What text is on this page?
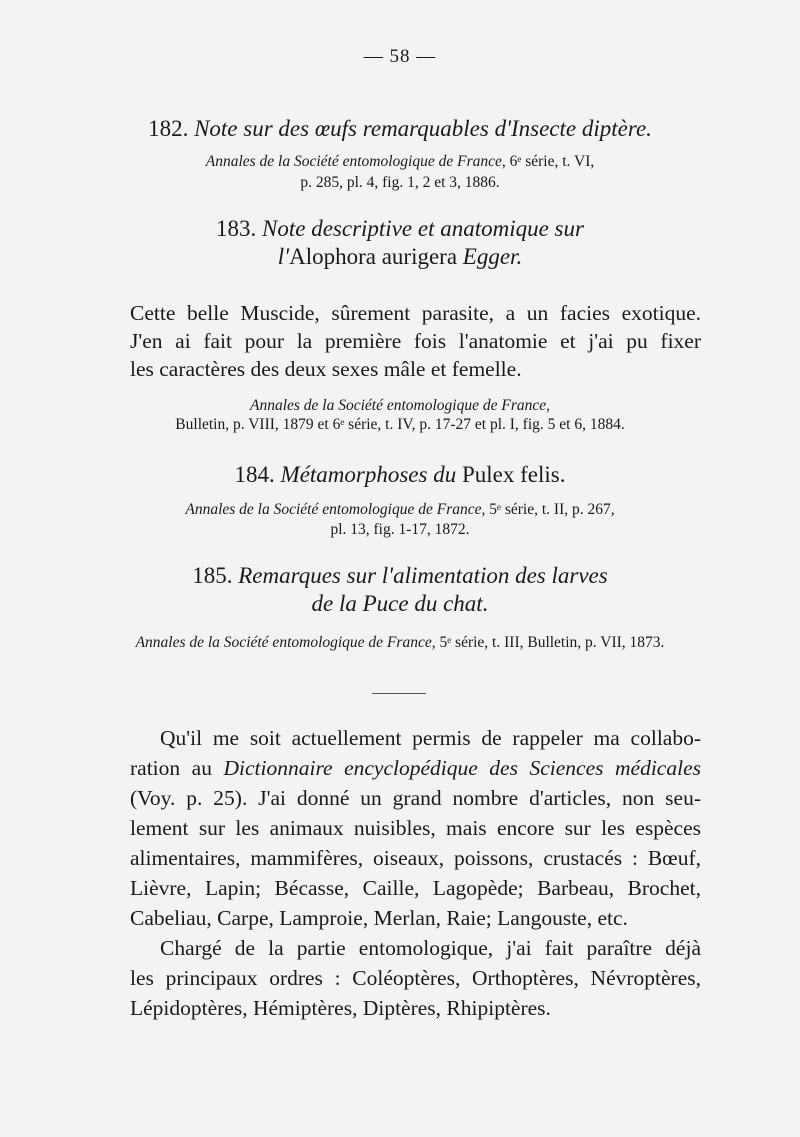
— 58 —
182. Note sur des œufs remarquables d'Insecte diptère.
Annales de la Société entomologique de France, 6ᵉ série, t. VI,
p. 285, pl. 4, fig. 1, 2 et 3, 1886.
183. Note descriptive et anatomique sur
l'Alophora aurigera Egger.
Cette belle Muscide, sûrement parasite, a un facies exotique.
J'en ai fait pour la première fois l'anatomie et j'ai pu fixer
les caractères des deux sexes mâle et femelle.
Annales de la Société entomologique de France,
Bulletin, p. VIII, 1879 et 6ᵉ série, t. IV, p. 17-27 et pl. I, fig. 5 et 6, 1884.
184. Métamorphoses du Pulex felis.
Annales de la Société entomologique de France, 5ᵉ série, t. II, p. 267,
pl. 13, fig. 1-17, 1872.
185. Remarques sur l'alimentation des larves
de la Puce du chat.
Annales de la Société entomologique de France, 5ᵉ série, t. III, Bulletin, p. VII, 1873.
Qu'il me soit actuellement permis de rappeler ma collabo-
ration au Dictionnaire encyclopédique des Sciences médicales
(Voy. p. 25). J'ai donné un grand nombre d'articles, non seu-
lement sur les animaux nuisibles, mais encore sur les espèces
alimentaires, mammifères, oiseaux, poissons, crustacés : Bœuf,
Lièvre, Lapin; Bécasse, Caille, Lagopède; Barbeau, Brochet,
Cabeliau, Carpe, Lamproie, Merlan, Raie; Langouste, etc.
Chargé de la partie entomologique, j'ai fait paraître déjà
les principaux ordres : Coléoptères, Orthoptères, Névroptères,
Lépidoptères, Hémiptères, Diptères, Rhipiptères.
